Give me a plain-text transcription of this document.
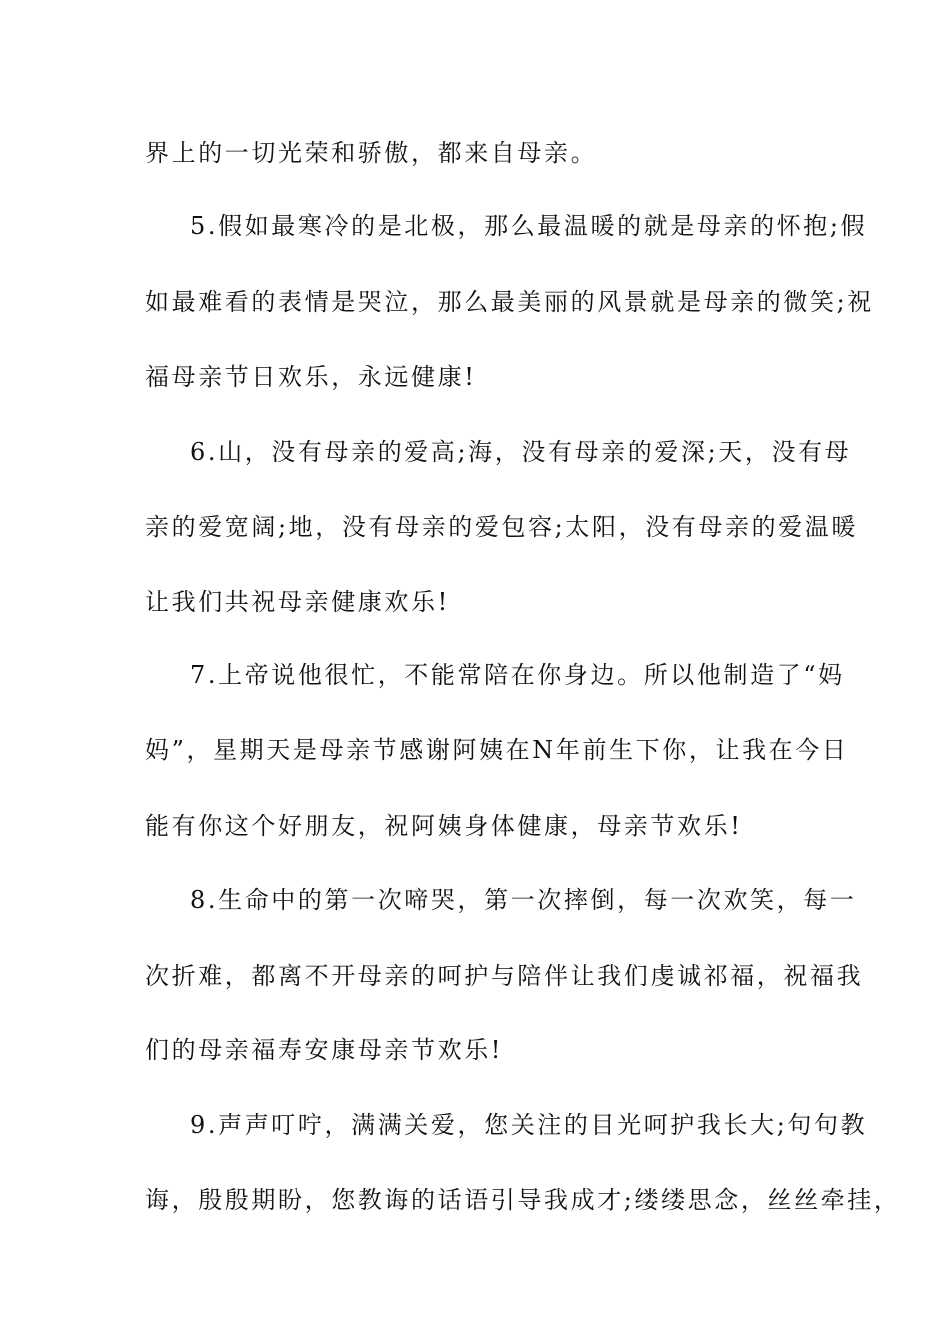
界上的一切光荣和骄傲，都来自母亲。
5.假如最寒冷的是北极，那么最温暖的就是母亲的怀抱;假
如最难看的表情是哭泣，那么最美丽的风景就是母亲的微笑;祝
福母亲节日欢乐，永远健康!
6.山，没有母亲的爱高;海，没有母亲的爱深;天，没有母
亲的爱宽阔;地，没有母亲的爱包容;太阳，没有母亲的爱温暖
让我们共祝母亲健康欢乐!
7.上帝说他很忙，不能常陪在你身边。所以他制造了“妈
妈”，星期天是母亲节感谢阿姨在N年前生下你，让我在今日
能有你这个好朋友，祝阿姨身体健康，母亲节欢乐!
8.生命中的第一次啼哭，第一次摔倒，每一次欢笑，每一
次折难，都离不开母亲的呵护与陪伴让我们虔诚祁福，祝福我
们的母亲福寿安康母亲节欢乐!
9.声声叮咛，满满关爱，您关注的目光呵护我长大;句句教
诲，殷殷期盼，您教诲的话语引导我成才;缕缕思念，丝丝牵挂，
